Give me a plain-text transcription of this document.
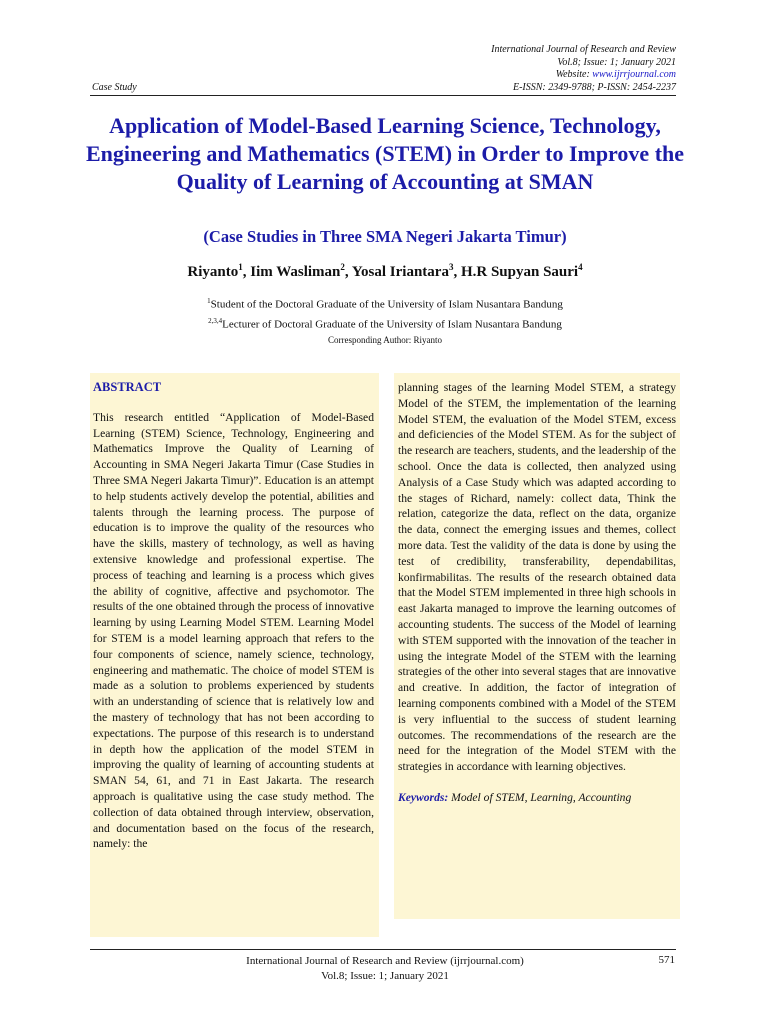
International Journal of Research and Review
Vol.8; Issue: 1; January 2021
Website: www.ijrrjournal.com
E-ISSN: 2349-9788; P-ISSN: 2454-2237
Case Study
Application of Model-Based Learning Science, Technology, Engineering and Mathematics (STEM) in Order to Improve the Quality of Learning of Accounting at SMAN
(Case Studies in Three SMA Negeri Jakarta Timur)
Riyanto$^1$, Iim Wasliman$^2$, Yosal Iriantara$^3$, H.R Supyan Sauri$^4$
$^1$Student of the Doctoral Graduate of the University of Islam Nusantara Bandung
$^{2,3,4}$Lecturer of Doctoral Graduate of the University of Islam Nusantara Bandung
Corresponding Author: Riyanto
ABSTRACT

This research entitled “Application of Model-Based Learning (STEM) Science, Technology, Engineering and Mathematics Improve the Quality of Learning of Accounting in SMA Negeri Jakarta Timur (Case Studies in Three SMA Negeri Jakarta Timur)”. Education is an attempt to help students actively develop the potential, abilities and talents through the learning process. The purpose of education is to improve the quality of the resources who have the skills, mastery of technology, as well as having extensive knowledge and professional expertise. The process of teaching and learning is a process which gives the ability of cognitive, affective and psychomotor. The results of the one obtained through the process of innovative learning by using Learning Model STEM. Learning Model for STEM is a model learning approach that refers to the four components of science, namely science, technology, engineering and mathematic. The choice of model STEM is made as a solution to problems experienced by students with an understanding of science that is relatively low and the mastery of technology that has not been according to expectations. The purpose of this research is to understand in depth how the application of the model STEM in improving the quality of learning of accounting students at SMAN 54, 61, and 71 in East Jakarta. The research approach is qualitative using the case study method. The collection of data obtained through interview, observation, and documentation based on the focus of the research, namely: the

planning stages of the learning Model STEM, a strategy Model of the STEM, the implementation of the learning Model STEM, the evaluation of the Model STEM, excess and deficiencies of the Model STEM. As for the subject of the research are teachers, students, and the leadership of the school. Once the data is collected, then analyzed using Analysis of a Case Study which was adapted according to the stages of Richard, namely: collect data, Think the relation, categorize the data, reflect on the data, organize the data, connect the emerging issues and themes, collect more data. Test the validity of the data is done by using the test of credibility, transferability, dependabilitas, konfirmabilitas. The results of the research obtained data that the Model STEM implemented in three high schools in east Jakarta managed to improve the learning outcomes of accounting students. The success of the Model of learning with STEM supported with the innovation of the teacher in using the integrate Model of the STEM with the learning strategies of the other into several stages that are innovative and creative. In addition, the factor of integration of learning components combined with a Model of the STEM is very influential to the success of student learning outcomes. The recommendations of the research are the need for the integration of the Model STEM with the strategies in accordance with learning objectives.

Keywords: Model of STEM, Learning, Accounting

International Journal of Research and Review (ijrrjournal.com)
Vol.8; Issue: 1; January 2021
571
